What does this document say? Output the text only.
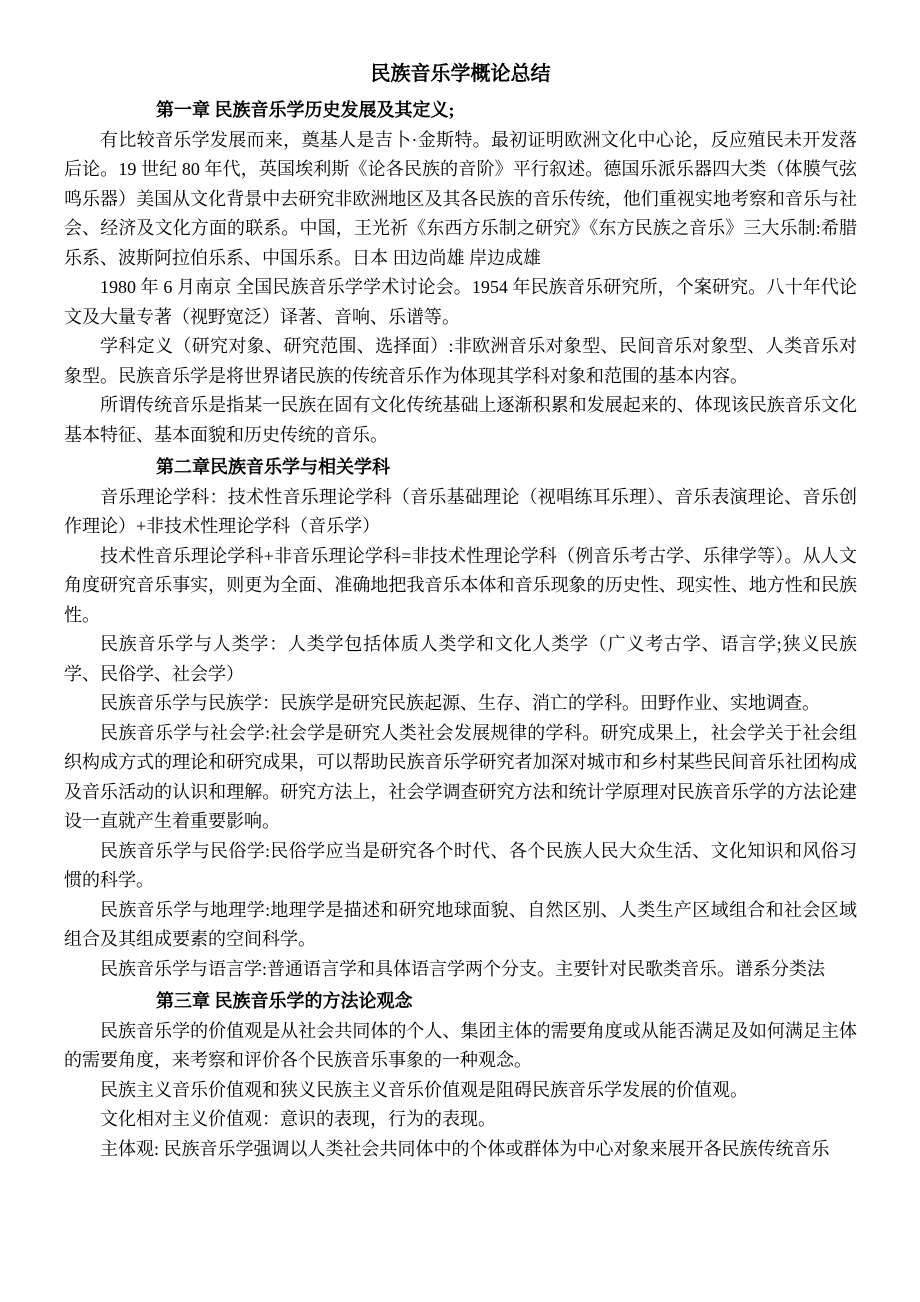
民族音乐学概论总结

第一章 民族音乐学历史发展及其定义;

有比较音乐学发展而来，奠基人是吉卜·金斯特。最初证明欧洲文化中心论，反应殖民未开发落后论。19 世纪 80 年代，英国埃利斯《论各民族的音阶》平行叙述。德国乐派乐器四大类（体膜气弦鸣乐器）美国从文化背景中去研究非欧洲地区及其各民族的音乐传统，他们重视实地考察和音乐与社会、经济及文化方面的联系。中国，王光祈《东西方乐制之研究》《东方民族之音乐》三大乐制:希腊乐系、波斯阿拉伯乐系、中国乐系。日本 田边尚雄 岸边成雄

1980 年 6 月南京 全国民族音乐学学术讨论会。1954 年民族音乐研究所，个案研究。八十年代论文及大量专著（视野宽泛）译著、音响、乐谱等。

学科定义（研究对象、研究范围、选择面）:非欧洲音乐对象型、民间音乐对象型、人类音乐对象型。民族音乐学是将世界诸民族的传统音乐作为体现其学科对象和范围的基本内容。

所谓传统音乐是指某一民族在固有文化传统基础上逐渐积累和发展起来的、体现该民族音乐文化基本特征、基本面貌和历史传统的音乐。

第二章民族音乐学与相关学科

音乐理论学科：技术性音乐理论学科（音乐基础理论（视唱练耳乐理）、音乐表演理论、音乐创作理论）+非技术性理论学科（音乐学）

技术性音乐理论学科+非音乐理论学科=非技术性理论学科（例音乐考古学、乐律学等）。从人文角度研究音乐事实，则更为全面、准确地把我音乐本体和音乐现象的历史性、现实性、地方性和民族性。

民族音乐学与人类学：人类学包括体质人类学和文化人类学（广义考古学、语言学;狭义民族学、民俗学、社会学）

民族音乐学与民族学：民族学是研究民族起源、生存、消亡的学科。田野作业、实地调查。

民族音乐学与社会学:社会学是研究人类社会发展规律的学科。研究成果上，社会学关于社会组织构成方式的理论和研究成果，可以帮助民族音乐学研究者加深对城市和乡村某些民间音乐社团构成及音乐活动的认识和理解。研究方法上，社会学调查研究方法和统计学原理对民族音乐学的方法论建设一直就产生着重要影响。

民族音乐学与民俗学:民俗学应当是研究各个时代、各个民族人民大众生活、文化知识和风俗习惯的科学。

民族音乐学与地理学:地理学是描述和研究地球面貌、自然区别、人类生产区域组合和社会区域组合及其组成要素的空间科学。

民族音乐学与语言学:普通语言学和具体语言学两个分支。主要针对民歌类音乐。谱系分类法

第三章 民族音乐学的方法论观念

民族音乐学的价值观是从社会共同体的个人、集团主体的需要角度或从能否满足及如何满足主体的需要角度，来考察和评价各个民族音乐事象的一种观念。

民族主义音乐价值观和狭义民族主义音乐价值观是阻碍民族音乐学发展的价值观。

文化相对主义价值观：意识的表现，行为的表现。

主体观: 民族音乐学强调以人类社会共同体中的个体或群体为中心对象来展开各民族传统音乐
